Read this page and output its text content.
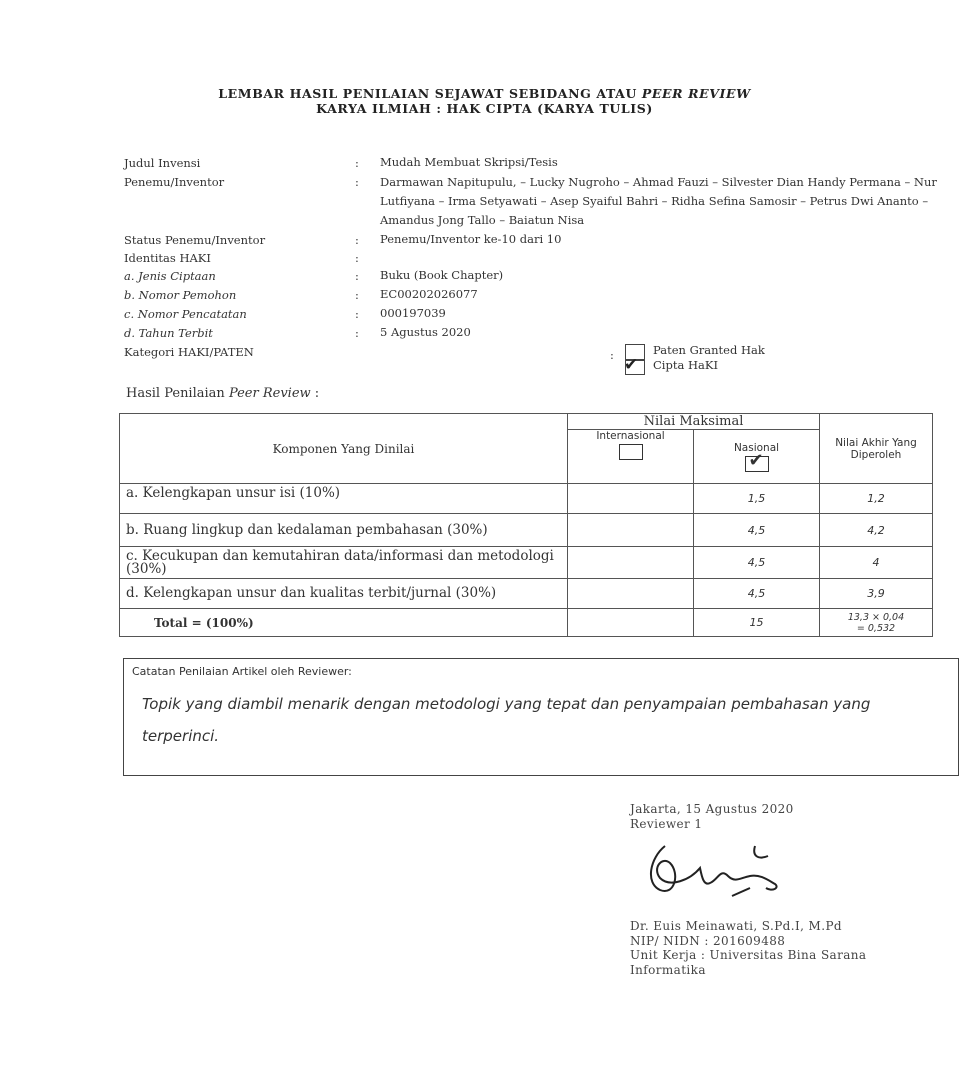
LEMBAR HASIL PENILAIAN SEJAWAT SEBIDANG ATAU PEER REVIEW
KARYA ILMIAH : HAK CIPTA (KARYA TULIS)
Judul Invensi	: Mudah Membuat Skripsi/Tesis
Penemu/Inventor	: Darmawan Napitupulu, – Lucky Nugroho – Ahmad Fauzi – Silvester Dian Handy Permana – Nur Lutfiyana – Irma Setyawati – Asep Syaiful Bahri – Ridha Sefina Samosir – Petrus Dwi Ananto – Amandus Jong Tallo – Baiatun Nisa
Status Penemu/Inventor	: Penemu/Inventor ke-10 dari 10
Identitas HAKI	:
a. Jenis Ciptaan	: Buku (Book Chapter)
b. Nomor Pemohon	: EC00202026077
c. Nomor Pencatatan	: 000197039
d. Tahun Terbit	: 5 Agustus 2020
Kategori HAKI/PATEN	:	Paten Granted Hak
✔ Cipta HaKI
Hasil Penilaian Peer Review :
Komponen Yang Dinilai	Nilai Maksimal		Nilai Akhir Yang Diperoleh

	Internasional	Nasional
✔	

a. Kelengkapan unsur isi (10%)		1,5	1,2
b. Ruang lingkup dan kedalaman pembahasan (30%)		4,5	4,2
c. Kecukupan dan kemutahiran data/informasi dan metodologi (30%)		4,5	4
d. Kelengkapan unsur dan kualitas terbit/jurnal (30%)		4,5	3,9
Total = (100%)		15	13,3 × 0,04
= 0,532
Catatan Penilaian Artikel oleh Reviewer:
Topik yang diambil menarik dengan metodologi yang tepat dan penyampaian pembahasan yang terperinci.
Jakarta, 15 Agustus 2020
Reviewer 1
Dr. Euis Meinawati, S.Pd.I, M.Pd
NIP/ NIDN : 201609488
Unit Kerja : Universitas Bina Sarana
Informatika
